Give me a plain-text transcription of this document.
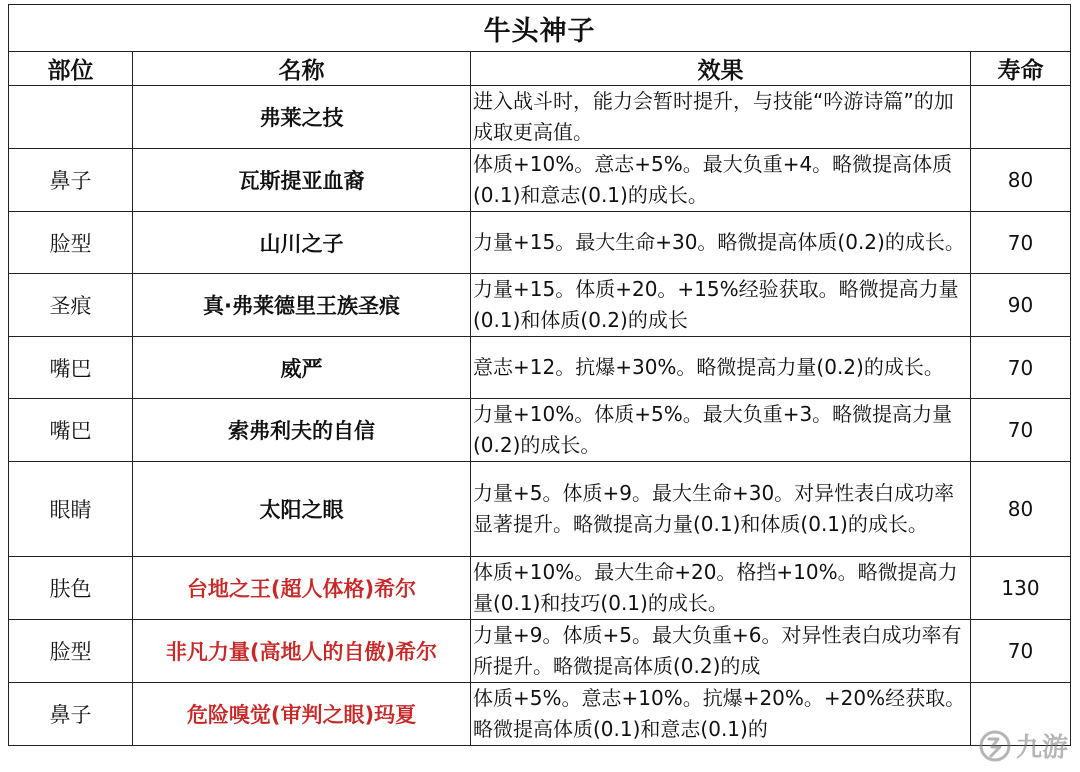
牛头神子			
部位	名称	效果	寿命
	弗莱之技	进入战斗时，能力会暂时提升，与技能“吟游诗篇”的加成取更高值。	
鼻子	瓦斯提亚血裔	体质+10%。意志+5%。最大负重+4。略微提高体质(0.1)和意志(0.1)的成长。	80
脸型	山川之子	力量+15。最大生命+30。略微提高体质(0.2)的成长。	70
圣痕	真·弗莱德里王族圣痕	力量+15。体质+20。+15%经验获取。略微提高力量(0.1)和体质(0.2)的成长	90
嘴巴	威严	意志+12。抗爆+30%。略微提高力量(0.2)的成长。	70
嘴巴	索弗利夫的自信	力量+10%。体质+5%。最大负重+3。略微提高力量(0.2)的成长。	70
眼睛	太阳之眼	力量+5。体质+9。最大生命+30。对异性表白成功率显著提升。略微提高力量(0.1)和体质(0.1)的成长。	80
肤色	台地之王(超人体格)希尔	体质+10%。最大生命+20。格挡+10%。略微提高力量(0.1)和技巧(0.1)的成长。	130
脸型	非凡力量(高地人的自傲)希尔	力量+9。体质+5。最大负重+6。对异性表白成功率有所提升。略微提高体质(0.2)的成	70
鼻子	危险嗅觉(审判之眼)玛夏	体质+5%。意志+10%。抗爆+20%。+20%经获取。略微提高体质(0.1)和意志(0.1)的	
九游
